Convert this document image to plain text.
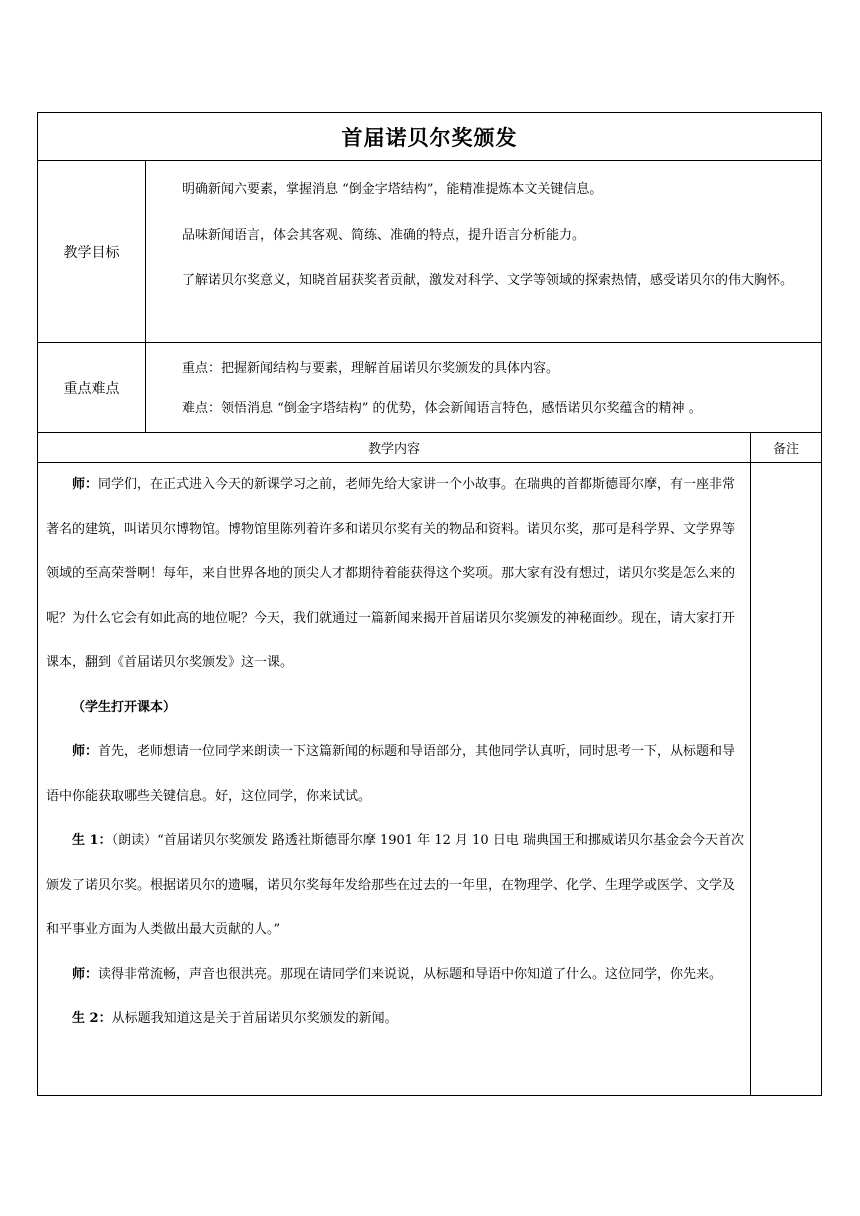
首届诺贝尔奖颁发
教学目标

明确新闻六要素，掌握消息 “倒金字塔结构”，能精准提炼本文关键信息。

品味新闻语言，体会其客观、简练、准确的特点，提升语言分析能力。

了解诺贝尔奖意义，知晓首届获奖者贡献，激发对科学、文学等领域的探索热情，感受诺贝尔的伟大胸怀。

重点难点

重点：把握新闻结构与要素，理解首届诺贝尔奖颁发的具体内容。

难点：领悟消息 “倒金字塔结构” 的优势，体会新闻语言特色，感悟诺贝尔奖蕴含的精神 。

教学内容	备注

师：同学们，在正式进入今天的新课学习之前，老师先给大家讲一个小故事。在瑞典的首都斯德哥尔摩，有一座非常著名的建筑，叫诺贝尔博物馆。博物馆里陈列着许多和诺贝尔奖有关的物品和资料。诺贝尔奖，那可是科学界、文学界等领域的至高荣誉啊！每年，来自世界各地的顶尖人才都期待着能获得这个奖项。那大家有没有想过，诺贝尔奖是怎么来的呢？为什么它会有如此高的地位呢？今天，我们就通过一篇新闻来揭开首届诺贝尔奖颁发的神秘面纱。现在，请大家打开课本，翻到《首届诺贝尔奖颁发》这一课。

（学生打开课本）

师：首先，老师想请一位同学来朗读一下这篇新闻的标题和导语部分，其他同学认真听，同时思考一下，从标题和导语中你能获取哪些关键信息。好，这位同学，你来试试。

生 1：（朗读）“首届诺贝尔奖颁发 路透社斯德哥尔摩 1901 年 12 月 10 日电 瑞典国王和挪威诺贝尔基金会今天首次颁发了诺贝尔奖。根据诺贝尔的遗嘱，诺贝尔奖每年发给那些在过去的一年里，在物理学、化学、生理学或医学、文学及和平事业方面为人类做出最大贡献的人。”

师：读得非常流畅，声音也很洪亮。那现在请同学们来说说，从标题和导语中你知道了什么。这位同学，你先来。

生 2：从标题我知道这是关于首届诺贝尔奖颁发的新闻。
